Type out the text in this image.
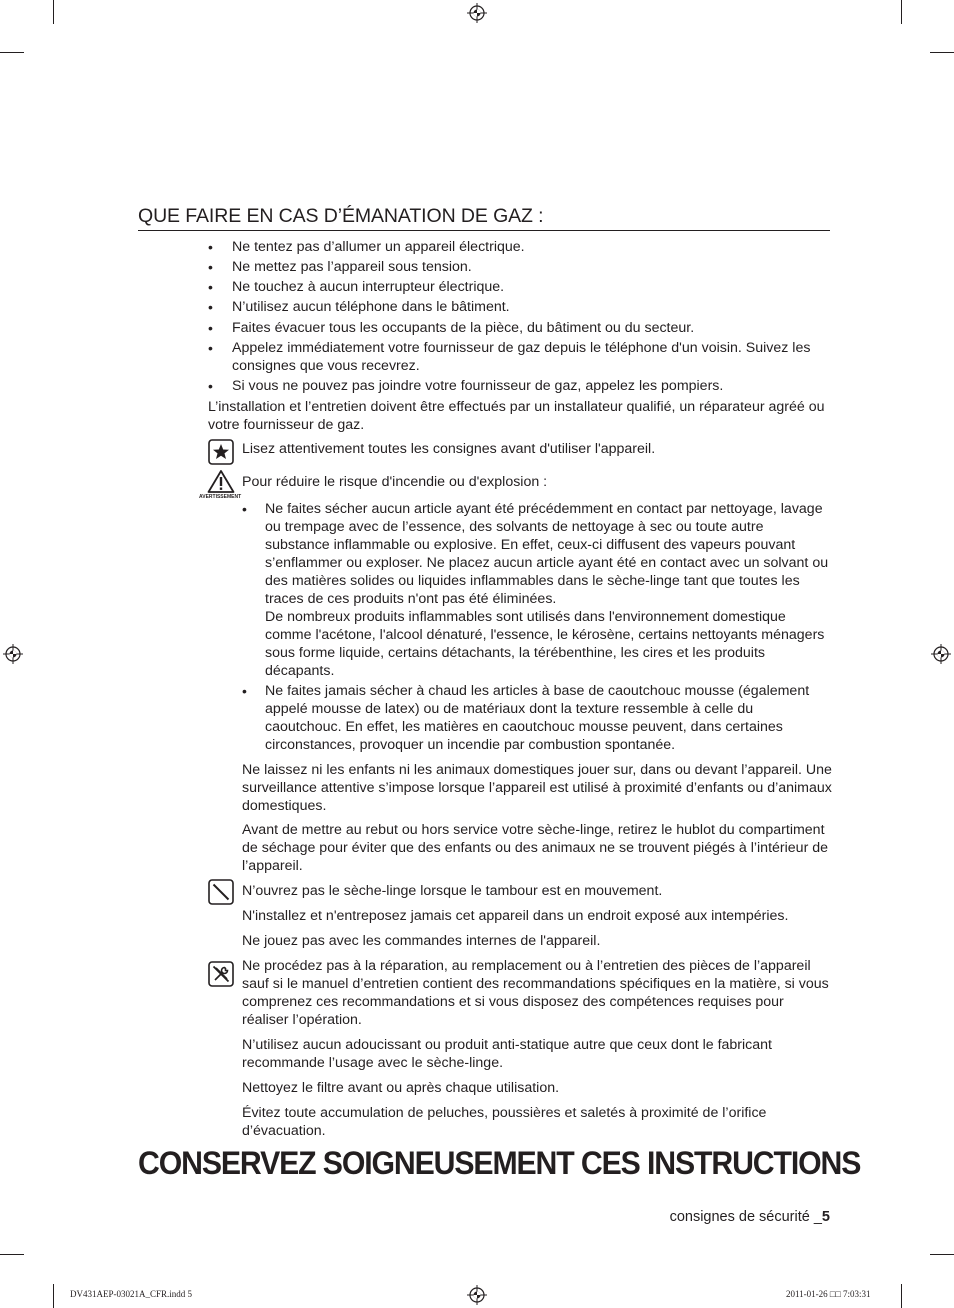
QUE FAIRE EN CAS D’ÉMANATION DE GAZ :
• Ne tentez pas d’allumer un appareil électrique.
• Ne mettez pas l’appareil sous tension.
• Ne touchez à aucun interrupteur électrique.
• N’utilisez aucun téléphone dans le bâtiment.
• Faites évacuer tous les occupants de la pièce, du bâtiment ou du secteur.
• Appelez immédiatement votre fournisseur de gaz depuis le téléphone d'un voisin. Suivez les consignes que vous recevrez.
• Si vous ne pouvez pas joindre votre fournisseur de gaz, appelez les pompiers.
L’installation et l’entretien doivent être effectués par un installateur qualifié, un réparateur agréé ou votre fournisseur de gaz.
Lisez attentivement toutes les consignes avant d'utiliser l'appareil.
AVERTISSEMENT
Pour réduire le risque d'incendie ou d'explosion :
• Ne faites sécher aucun article ayant été précédemment en contact par nettoyage, lavage ou trempage avec de l’essence, des solvants de nettoyage à sec ou toute autre substance inflammable ou explosive. En effet, ceux-ci diffusent des vapeurs pouvant s’enflammer ou exploser. Ne placez aucun article ayant été en contact avec un solvant ou des matières solides ou liquides inflammables dans le sèche-linge tant que toutes les traces de ces produits n'ont pas été éliminées.
De nombreux produits inflammables sont utilisés dans l'environnement domestique comme l'acétone, l'alcool dénaturé, l'essence, le kérosène, certains nettoyants ménagers sous forme liquide, certains détachants, la térébenthine, les cires et les produits décapants.
• Ne faites jamais sécher à chaud les articles à base de caoutchouc mousse (également appelé mousse de latex) ou de matériaux dont la texture ressemble à celle du caoutchouc. En effet, les matières en caoutchouc mousse peuvent, dans certaines circonstances, provoquer un incendie par combustion spontanée.
Ne laissez ni les enfants ni les animaux domestiques jouer sur, dans ou devant l’appareil. Une surveillance attentive s’impose lorsque l’appareil est utilisé à proximité d’enfants ou d’animaux domestiques.
Avant de mettre au rebut ou hors service votre sèche-linge, retirez le hublot du compartiment de séchage pour éviter que des enfants ou des animaux ne se trouvent piégés à l’intérieur de l’appareil.
N’ouvrez pas le sèche-linge lorsque le tambour est en mouvement.
N'installez et n'entreposez jamais cet appareil dans un endroit exposé aux intempéries.
Ne jouez pas avec les commandes internes de l'appareil.
Ne procédez pas à la réparation, au remplacement ou à l’entretien des pièces de l’appareil sauf si le manuel d’entretien contient des recommandations spécifiques en la matière, si vous comprenez ces recommandations et si vous disposez des compétences requises pour réaliser l’opération.
N’utilisez aucun adoucissant ou produit anti-statique autre que ceux dont le fabricant recommande l’usage avec le sèche-linge.
Nettoyez le filtre avant ou après chaque utilisation.
Évitez toute accumulation de peluches, poussières et saletés à proximité de l’orifice d’évacuation.
CONSERVEZ SOIGNEUSEMENT CES INSTRUCTIONS
consignes de sécurité _5
DV431AEP-03021A_CFR.indd 5	2011-01-26 □□ 7:03:31
